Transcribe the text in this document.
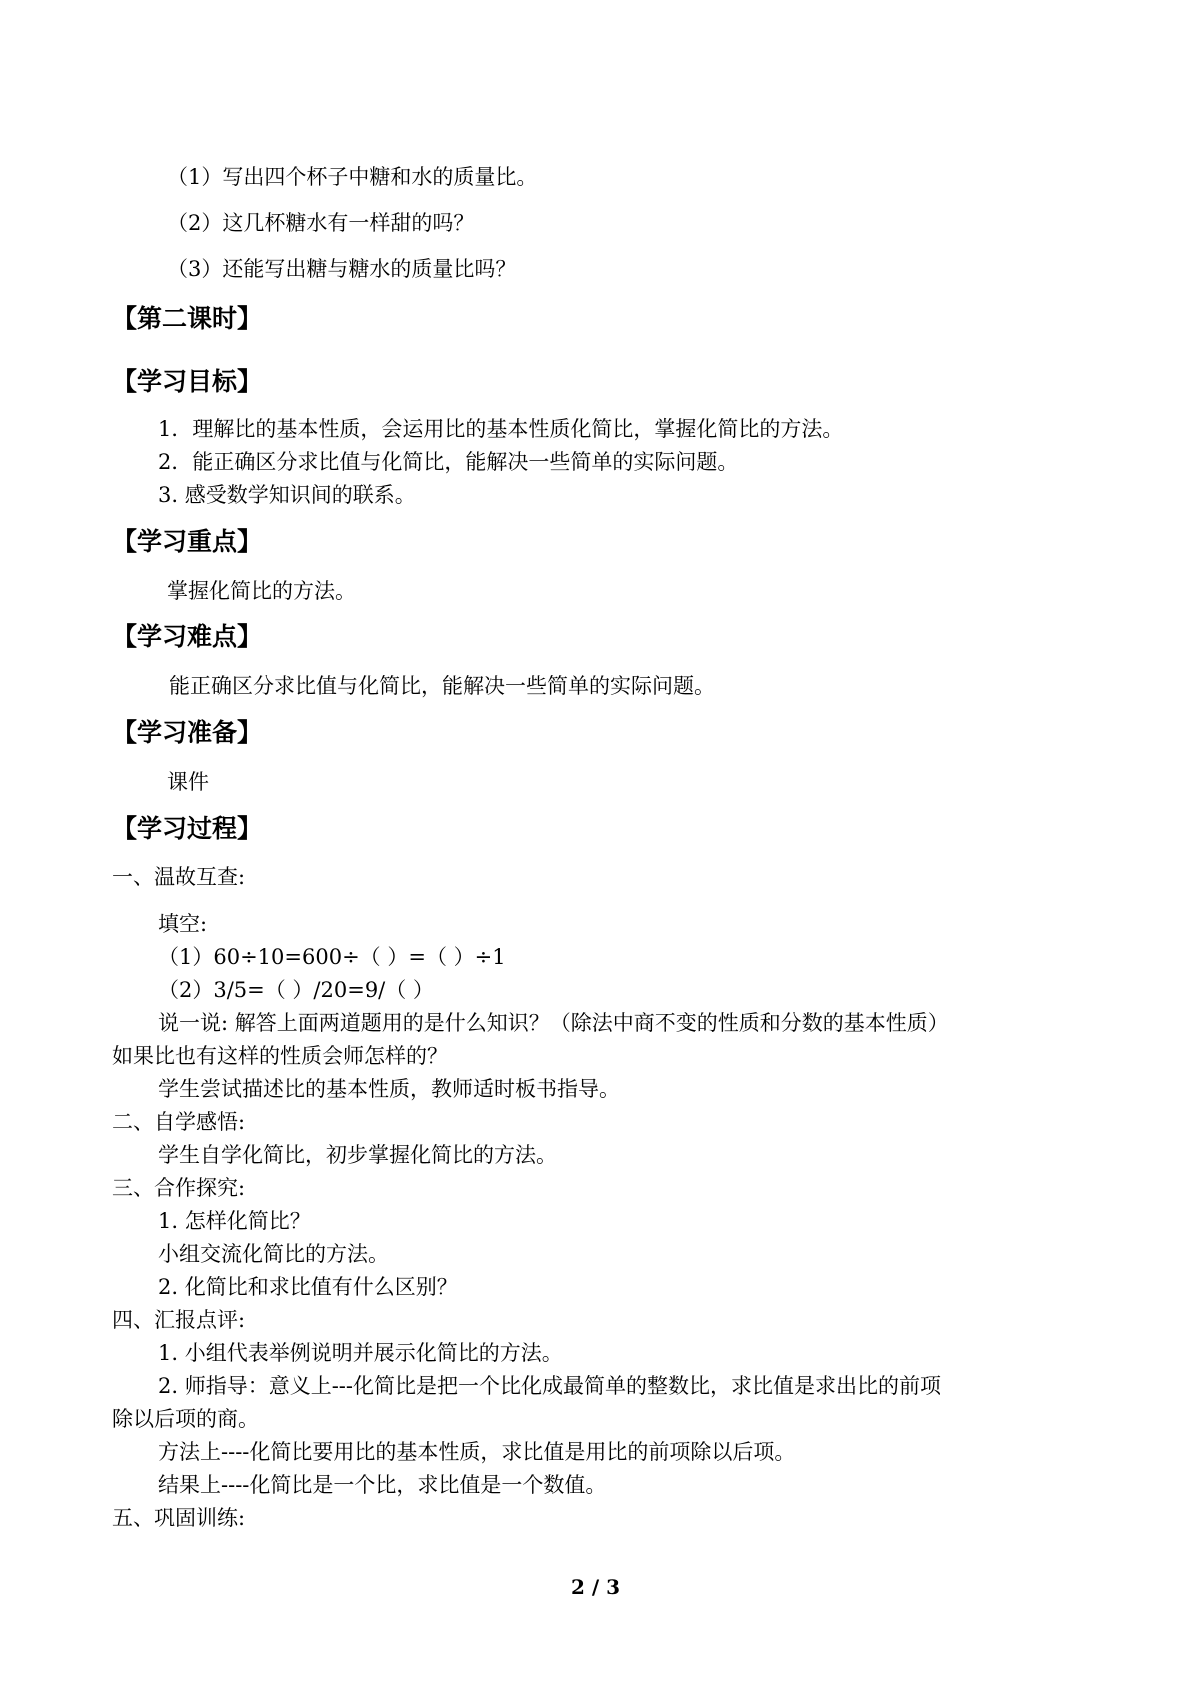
（1）写出四个杯子中糖和水的质量比。
（2）这几杯糖水有一样甜的吗？
（3）还能写出糖与糖水的质量比吗？
【第二课时】
【学习目标】
1．理解比的基本性质，会运用比的基本性质化简比，掌握化简比的方法。
2．能正确区分求比值与化简比，能解决一些简单的实际问题。
3. 感受数学知识间的联系。
【学习重点】
掌握化简比的方法。
【学习难点】
能正确区分求比值与化简比，能解决一些简单的实际问题。
【学习准备】
课件
【学习过程】
一、温故互查:
填空:
（1）60÷10=600÷（ ）=（ ）÷1
（2）3/5=（ ）/20=9/（ ）
说一说: 解答上面两道题用的是什么知识？（除法中商不变的性质和分数的基本性质）
如果比也有这样的性质会师怎样的？
学生尝试描述比的基本性质，教师适时板书指导。
二、自学感悟:
学生自学化简比，初步掌握化简比的方法。
三、合作探究:
1. 怎样化简比？
小组交流化简比的方法。
2. 化简比和求比值有什么区别？
四、汇报点评:
1. 小组代表举例说明并展示化简比的方法。
2. 师指导：意义上---化简比是把一个比化成最简单的整数比，求比值是求出比的前项
除以后项的商。
方法上----化简比要用比的基本性质，求比值是用比的前项除以后项。
结果上----化简比是一个比，求比值是一个数值。
五、巩固训练:
2 / 3
